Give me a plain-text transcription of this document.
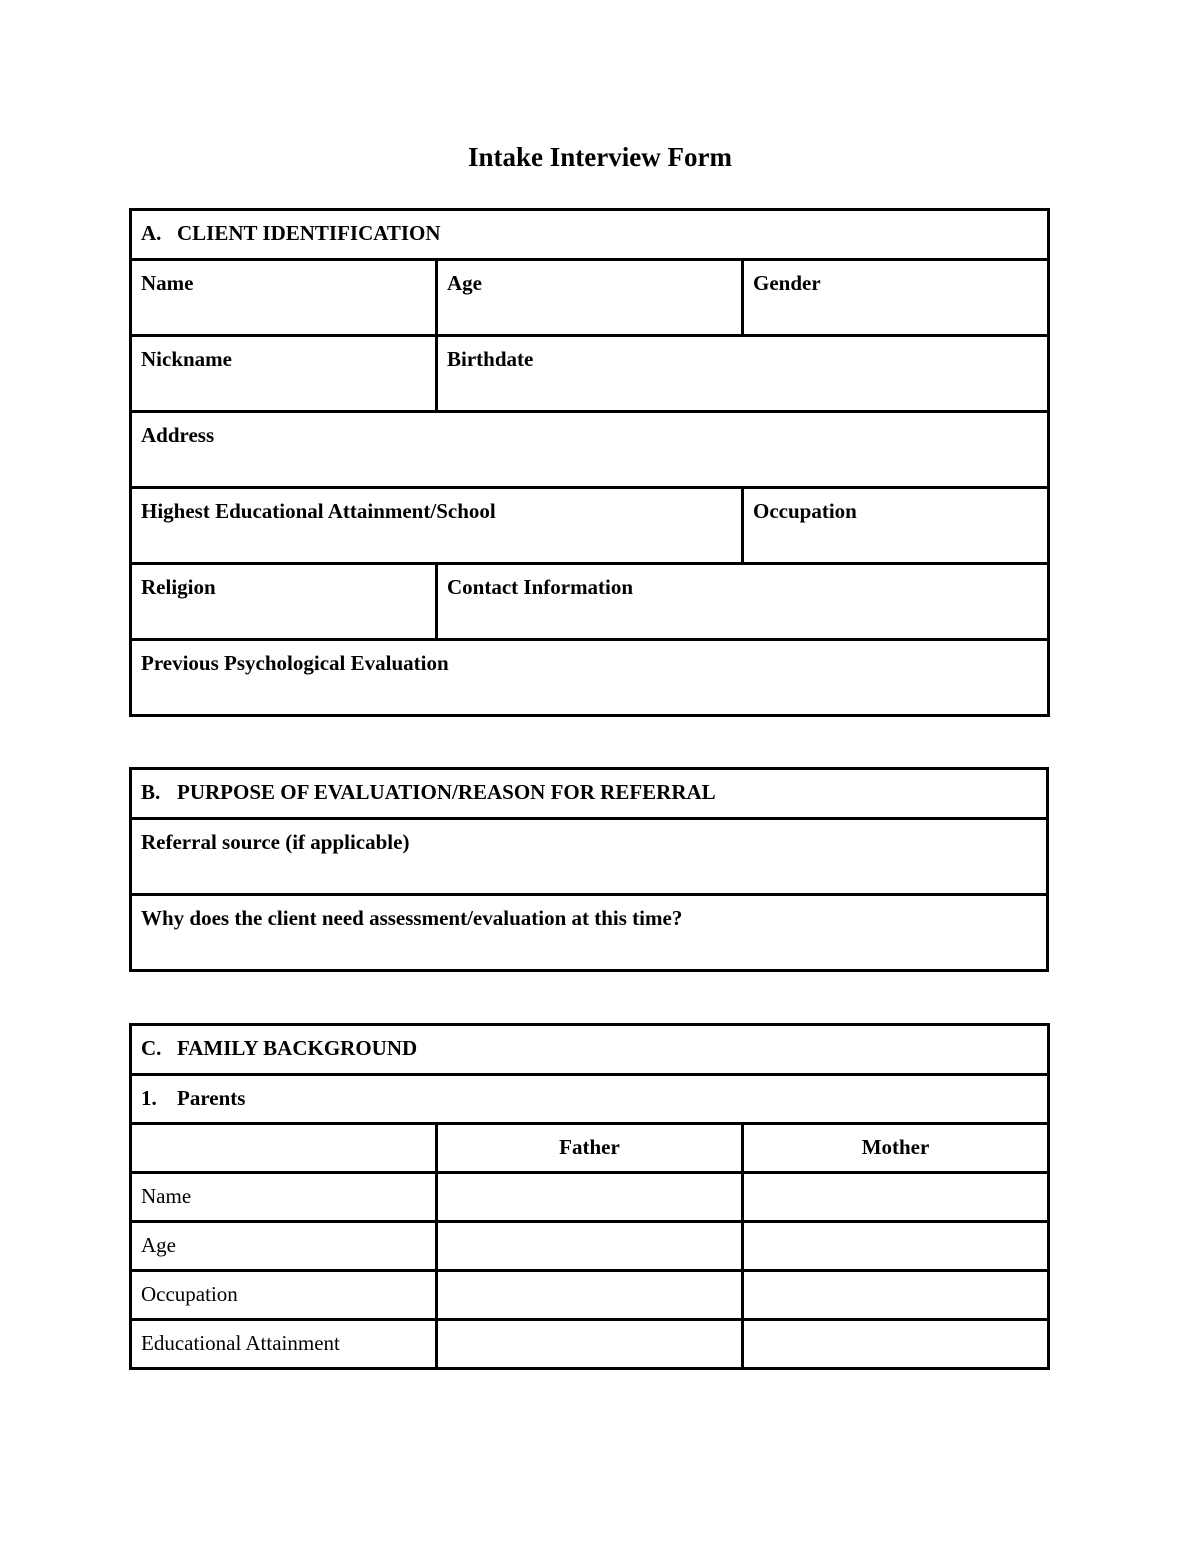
Intake Interview Form
A. CLIENT IDENTIFICATION		
Name	Age	Gender
Nickname	Birthdate	
Address		
Highest Educational Attainment/School		Occupation
Religion	Contact Information	
Previous Psychological Evaluation		
B. PURPOSE OF EVALUATION/REASON FOR REFERRAL
Referral source (if applicable)
Why does the client need assessment/evaluation at this time?
C. FAMILY BACKGROUND		
1. Parents		
	Father	Mother
Name		
Age		
Occupation		
Educational Attainment		
